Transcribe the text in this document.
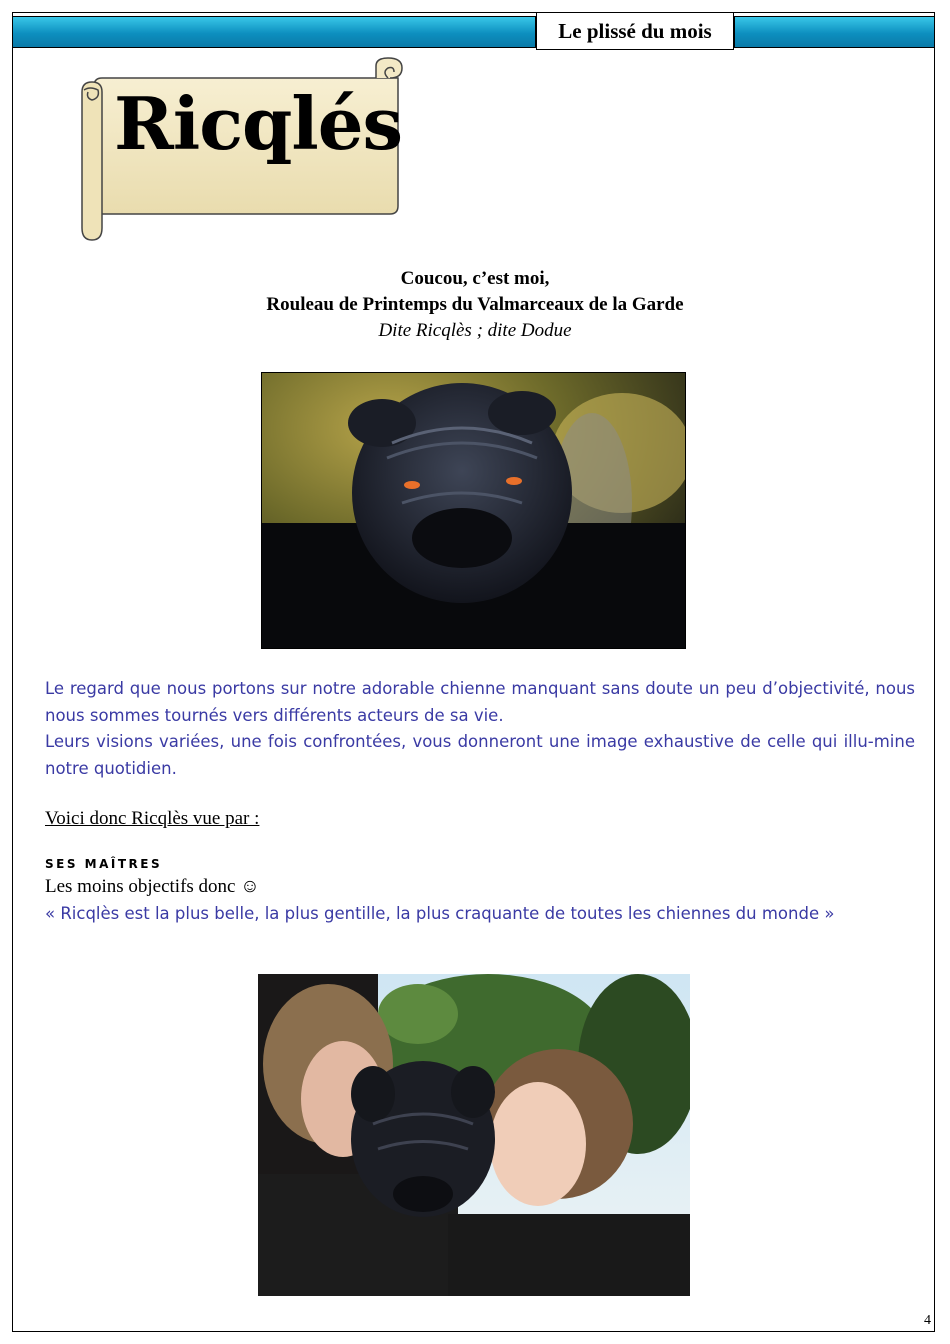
Le plissé du mois
Ricqlés
Coucou, c’est moi,
Rouleau de Printemps du Valmarceaux de la Garde
Dite Ricqlès ; dite Dodue

Le regard que nous portons sur notre adorable chienne manquant sans doute un peu d’objectivité, nous nous sommes tournés vers différents acteurs de sa vie.

Leurs visions variées, une fois confrontées, vous donneront une image exhaustive de celle qui illu-mine notre quotidien.

Voici donc Ricqlès vue par :
SES MAÎTRES
Les moins objectifs donc ☺
« Ricqlès est la plus belle, la plus gentille, la plus craquante de toutes les chiennes du monde »
4
